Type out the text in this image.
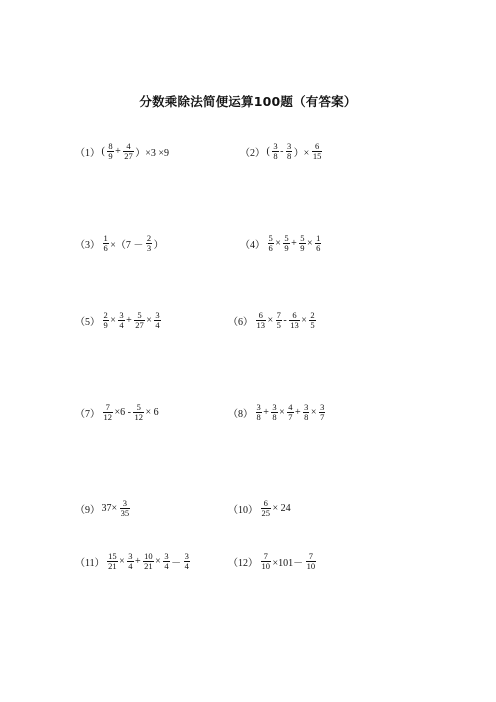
分数乘除法简便运算100题（有答案）
（1） ( $\frac{8}{9} + \frac{4}{27} )\times 3 \times 9$	（2） ( $\frac{3}{8} - \frac{3}{8}$ ）× $\frac{6}{15}$
$(3) \frac{1}{6} \times(7 - \frac{2}{3}$ ）	$(4) \frac{5}{6} \times \frac{5}{9} + \frac{5}{9} \times \frac{1}{6}$
$(5) \frac{2}{9} \times \frac{3}{4} + \frac{5}{27} \times \frac{3}{4}$	$(6) \frac{6}{13} \times \frac{7}{5} - \frac{6}{13} \times \frac{2}{5}$
$(7) \frac{7}{12} \times 6 - \frac{5}{12} \times 6$	$(8) \frac{3}{8} + \frac{3}{8} \times \frac{4}{7} + \frac{3}{8} \times \frac{3}{7}$
（9） $37\times \frac{3}{35}$	$(10) \frac{6}{25} \times 24$
$(11) \frac{15}{21} \times \frac{3}{4} + \frac{10}{21} \times \frac{3}{4} - \frac{3}{4}$	$(12) \frac{7}{10} \times 101- \frac{7}{10}$
